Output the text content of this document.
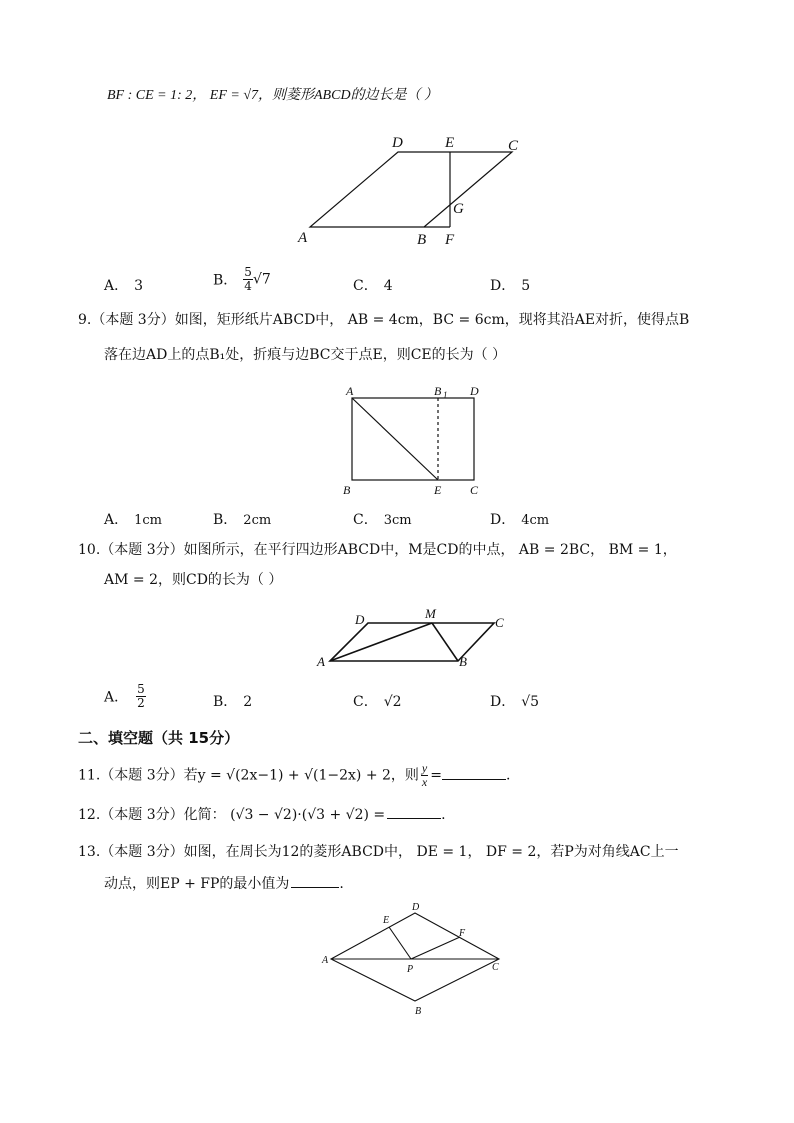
BF : CE = 1: 2， EF = √7，则菱形ABCD的边长是（ ）
D	E	C
G
A	B F
A． 3	B． $\frac{5}{4} √7$	C． 4	D． 5
9.（本题 3分）如图，矩形纸片ABCD中， AB = 4cm，BC = 6cm，现将其沿AE对折，使得点B
落在边AD上的点B₁处，折痕与边BC交于点E，则CE的长为（ ）
A	B 1 D
B	E C
A． 1cm	B． 2cm	C． 3cm	D． 4cm
10.（本题 3分）如图所示，在平行四边形ABCD中，M是CD的中点， AB = 2BC， BM = 1，
AM = 2，则CD的长为（ ）
D	M
C
A	B
A． $\frac{5}{2}$	B． 2	C． √2	D． √5
二、填空题（共 15分）
11.（本题 3分）若y = √(2x−1) + √(1−2x) + 2，则 $\frac{y}{x}$ =	.
12.（本题 3分）化简： (√3 − √2)·(√3 + √2) =	.
13.（本题 3分）如图，在周长为12的菱形ABCD中， DE = 1， DF = 2，若P为对角线AC上一
动点，则EP + FP的最小值为	.
D
E
F
A
P	C
B
